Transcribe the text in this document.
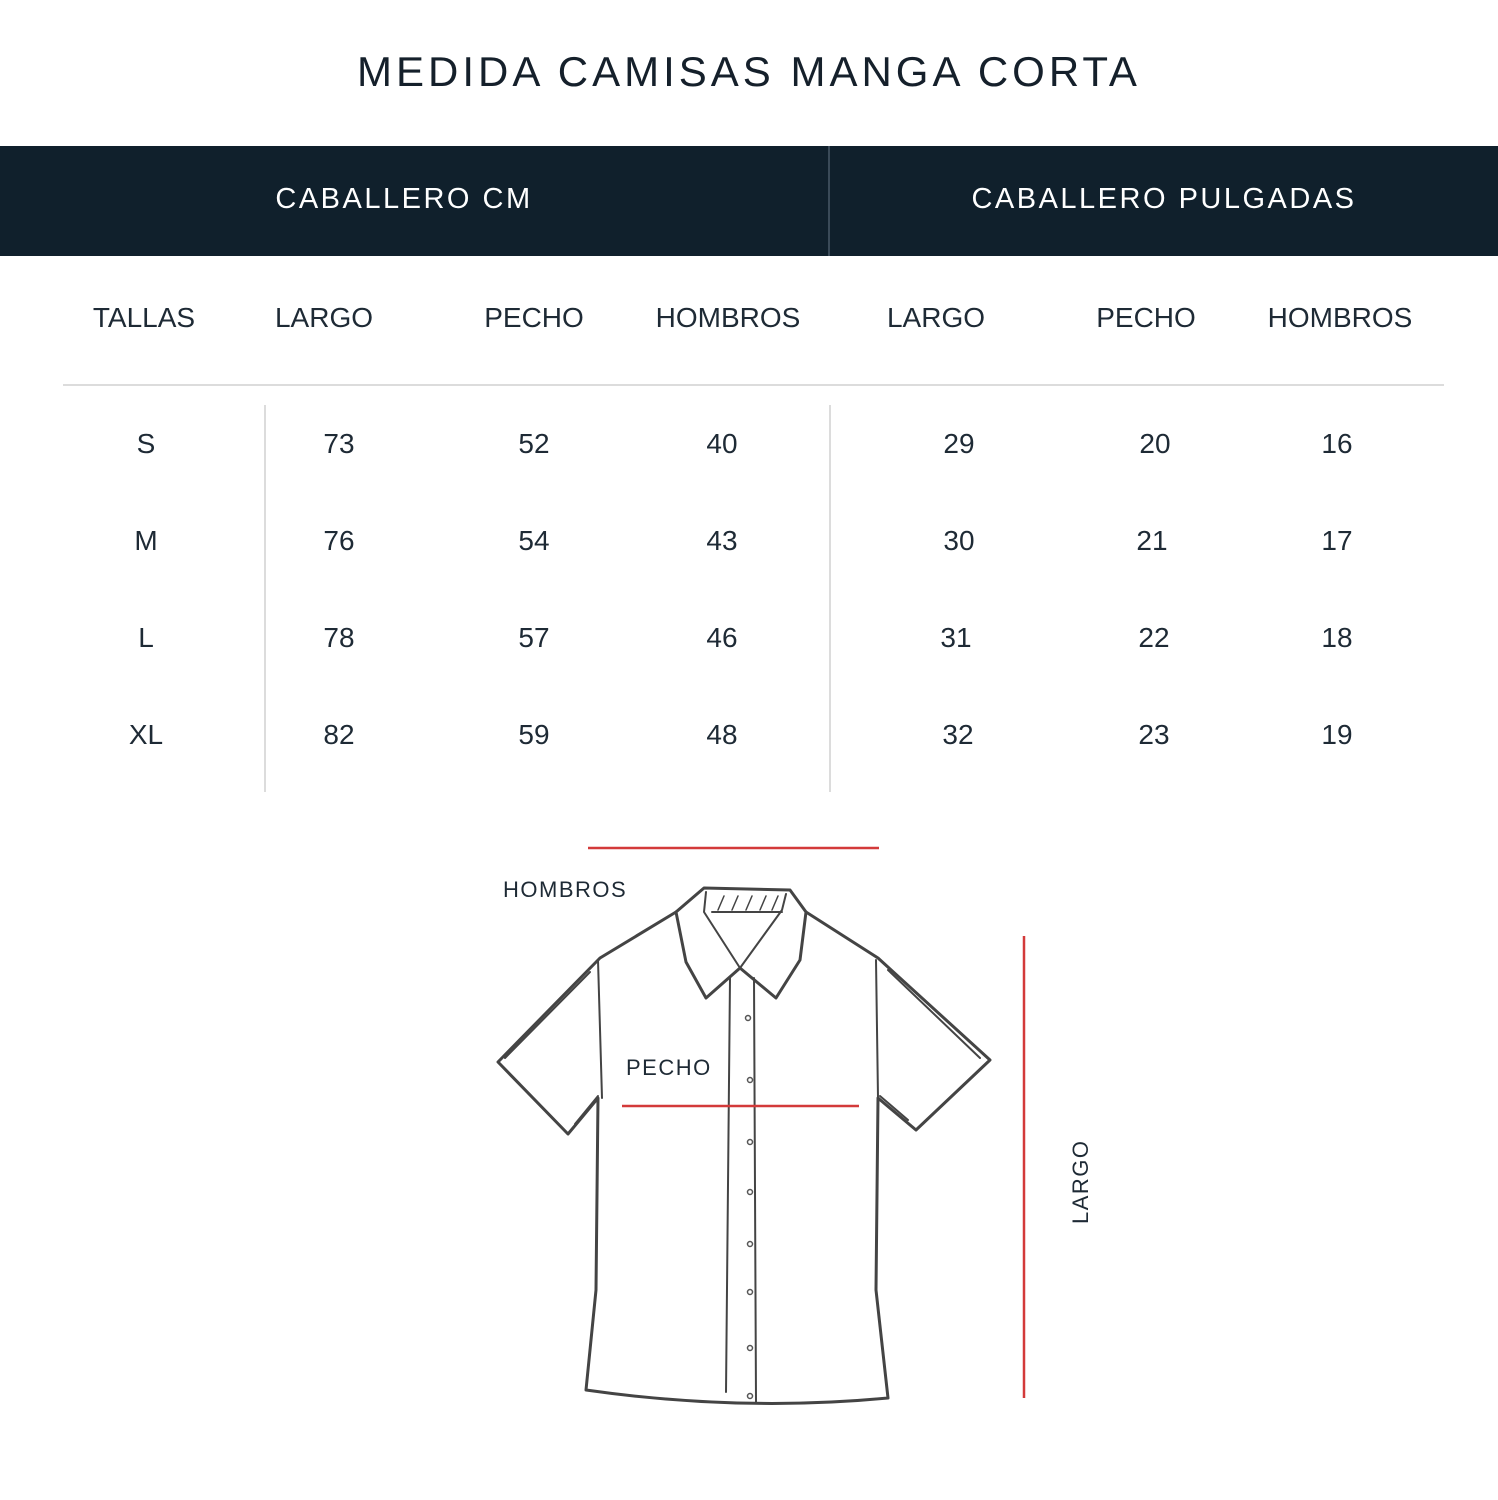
MEDIDA CAMISAS MANGA CORTA
CABALLERO CM	CABALLERO PULGADAS
TALLAS	LARGO	PECHO	HOMBROS	LARGO	PECHO	HOMBROS
S	73	52	40	29	20	16
M	76	54	43	30	21	17
L	78	57	46	31	22	18
XL	82	59	48	32	23	19
HOMBROS
PECHO
LARGO
